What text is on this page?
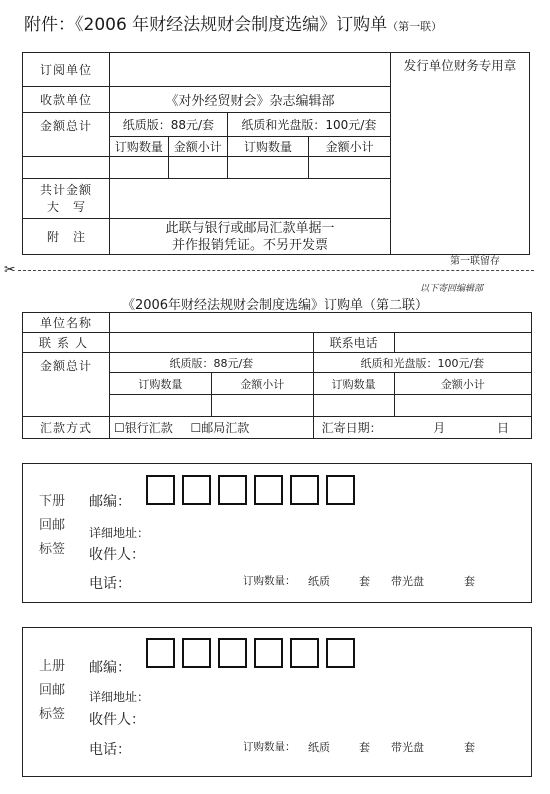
附件：《2006 年财经法规财会制度选编》订购单（第一联）
订阅单位					发行单位财务专用章

收款单位	《对外经贸财会》杂志编辑部				
金额总计	纸质版：88元/套		纸质和光盘版：100元/套		
	订购数量	金额小计	订购数量	金额小计	

共计金额
大写					

附注	此联与银行或邮局汇款单据一
并作报销凭证。不另开发票				
第一联留存
✂
以下寄回编辑部
《2006年财经法规财会制度选编》订购单（第二联）
单位名称				
联系人			联系电话	
金额总计	纸质版：88元/套		纸质和光盘版：100元/套	
	订购数量	金额小计	订购数量	金额小计

汇款方式	☐银行汇款 ☐邮局汇款		汇寄日期： 月 日	
下册
回邮
标签
邮编：
详细地址：
收件人：
电话：	订购数量： 纸质	套 带光盘	套
上册
回邮
标签
邮编：
详细地址：
收件人：
电话：	订购数量： 纸质	套 带光盘	套
